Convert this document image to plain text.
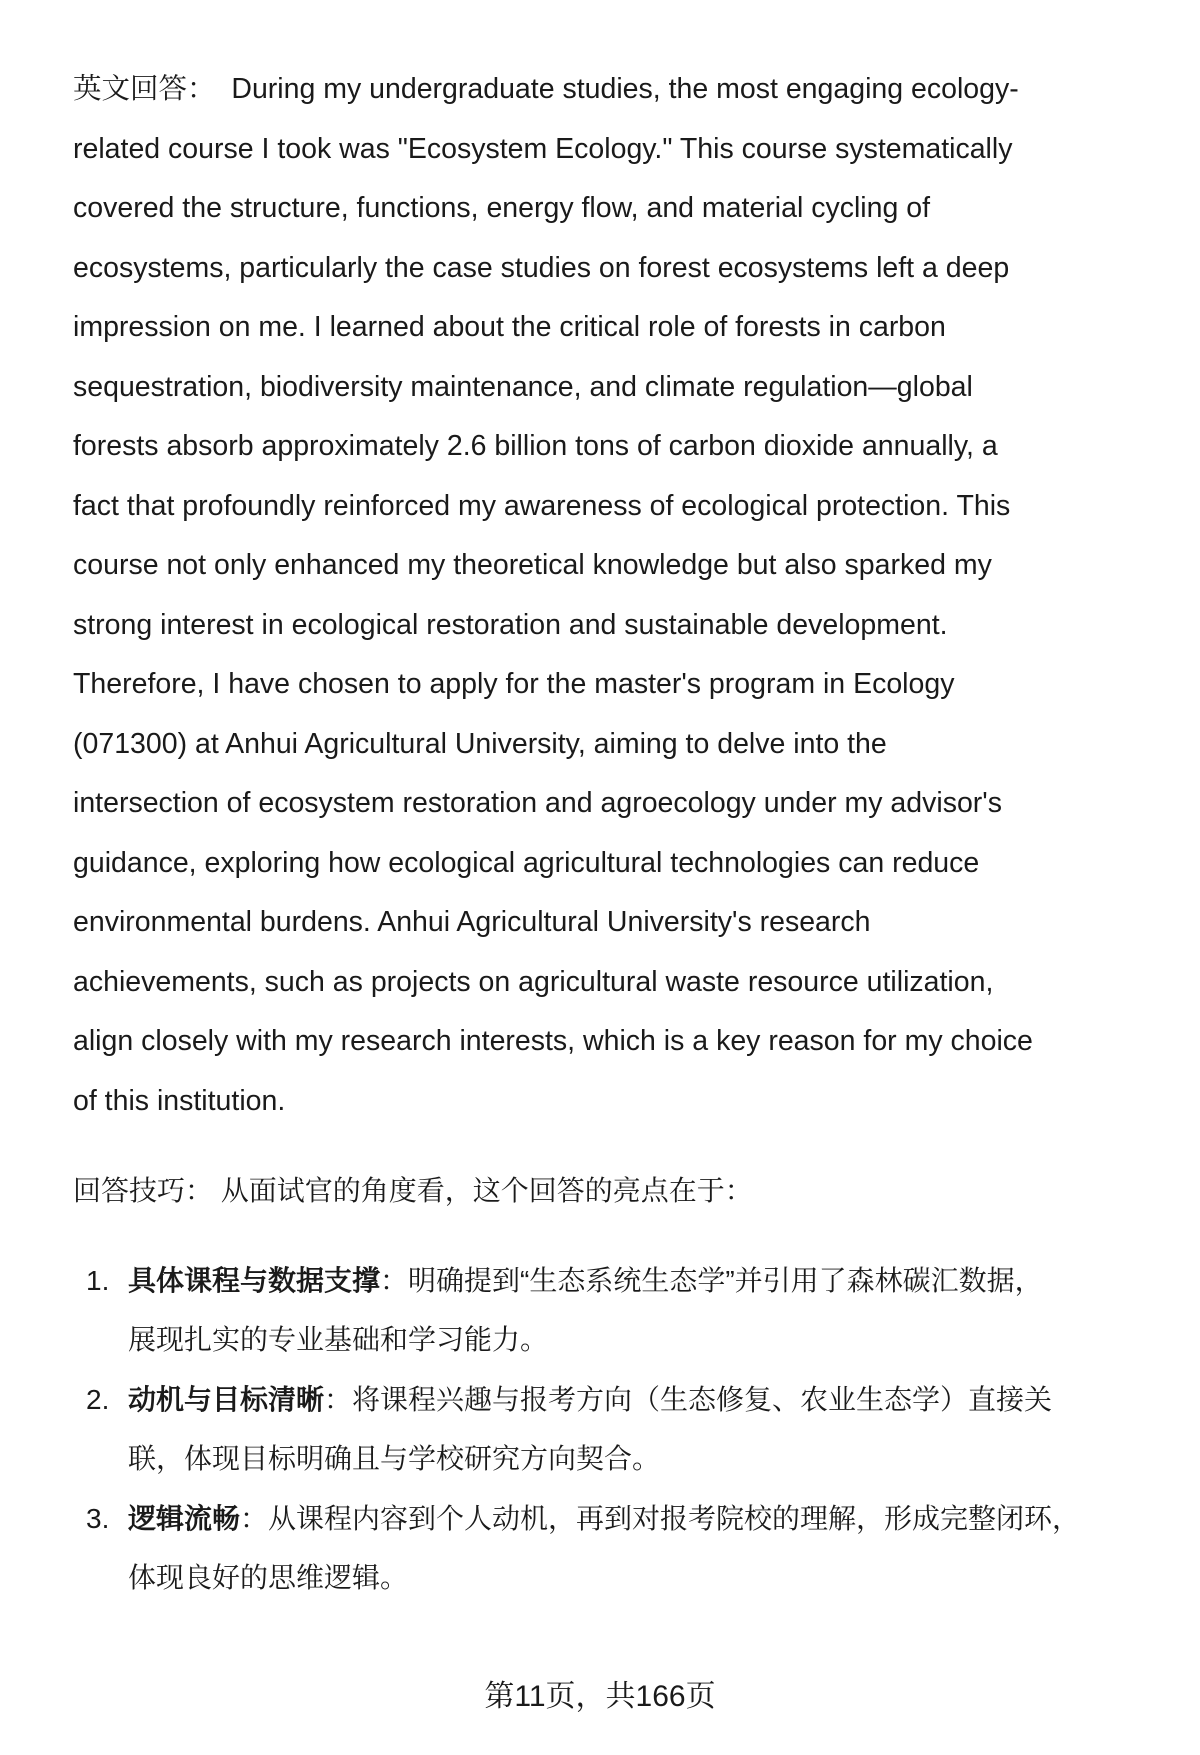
英文回答： During my undergraduate studies, the most engaging ecology-
related course I took was "Ecosystem Ecology." This course systematically
covered the structure, functions, energy flow, and material cycling of
ecosystems, particularly the case studies on forest ecosystems left a deep
impression on me. I learned about the critical role of forests in carbon
sequestration, biodiversity maintenance, and climate regulation—global
forests absorb approximately 2.6 billion tons of carbon dioxide annually, a
fact that profoundly reinforced my awareness of ecological protection. This
course not only enhanced my theoretical knowledge but also sparked my
strong interest in ecological restoration and sustainable development.
Therefore, I have chosen to apply for the master's program in Ecology
(071300) at Anhui Agricultural University, aiming to delve into the
intersection of ecosystem restoration and agroecology under my advisor's
guidance, exploring how ecological agricultural technologies can reduce
environmental burdens. Anhui Agricultural University's research
achievements, such as projects on agricultural waste resource utilization,
align closely with my research interests, which is a key reason for my choice
of this institution.
回答技巧： 从面试官的角度看，这个回答的亮点在于：
1. 具体课程与数据支撑：明确提到“生态系统生态学”并引用了森林碳汇数据，
展现扎实的专业基础和学习能力。
2. 动机与目标清晰：将课程兴趣与报考方向（生态修复、农业生态学）直接关
联，体现目标明确且与学校研究方向契合。
3. 逻辑流畅：从课程内容到个人动机，再到对报考院校的理解，形成完整闭环，
体现良好的思维逻辑。
第11页，共166页
